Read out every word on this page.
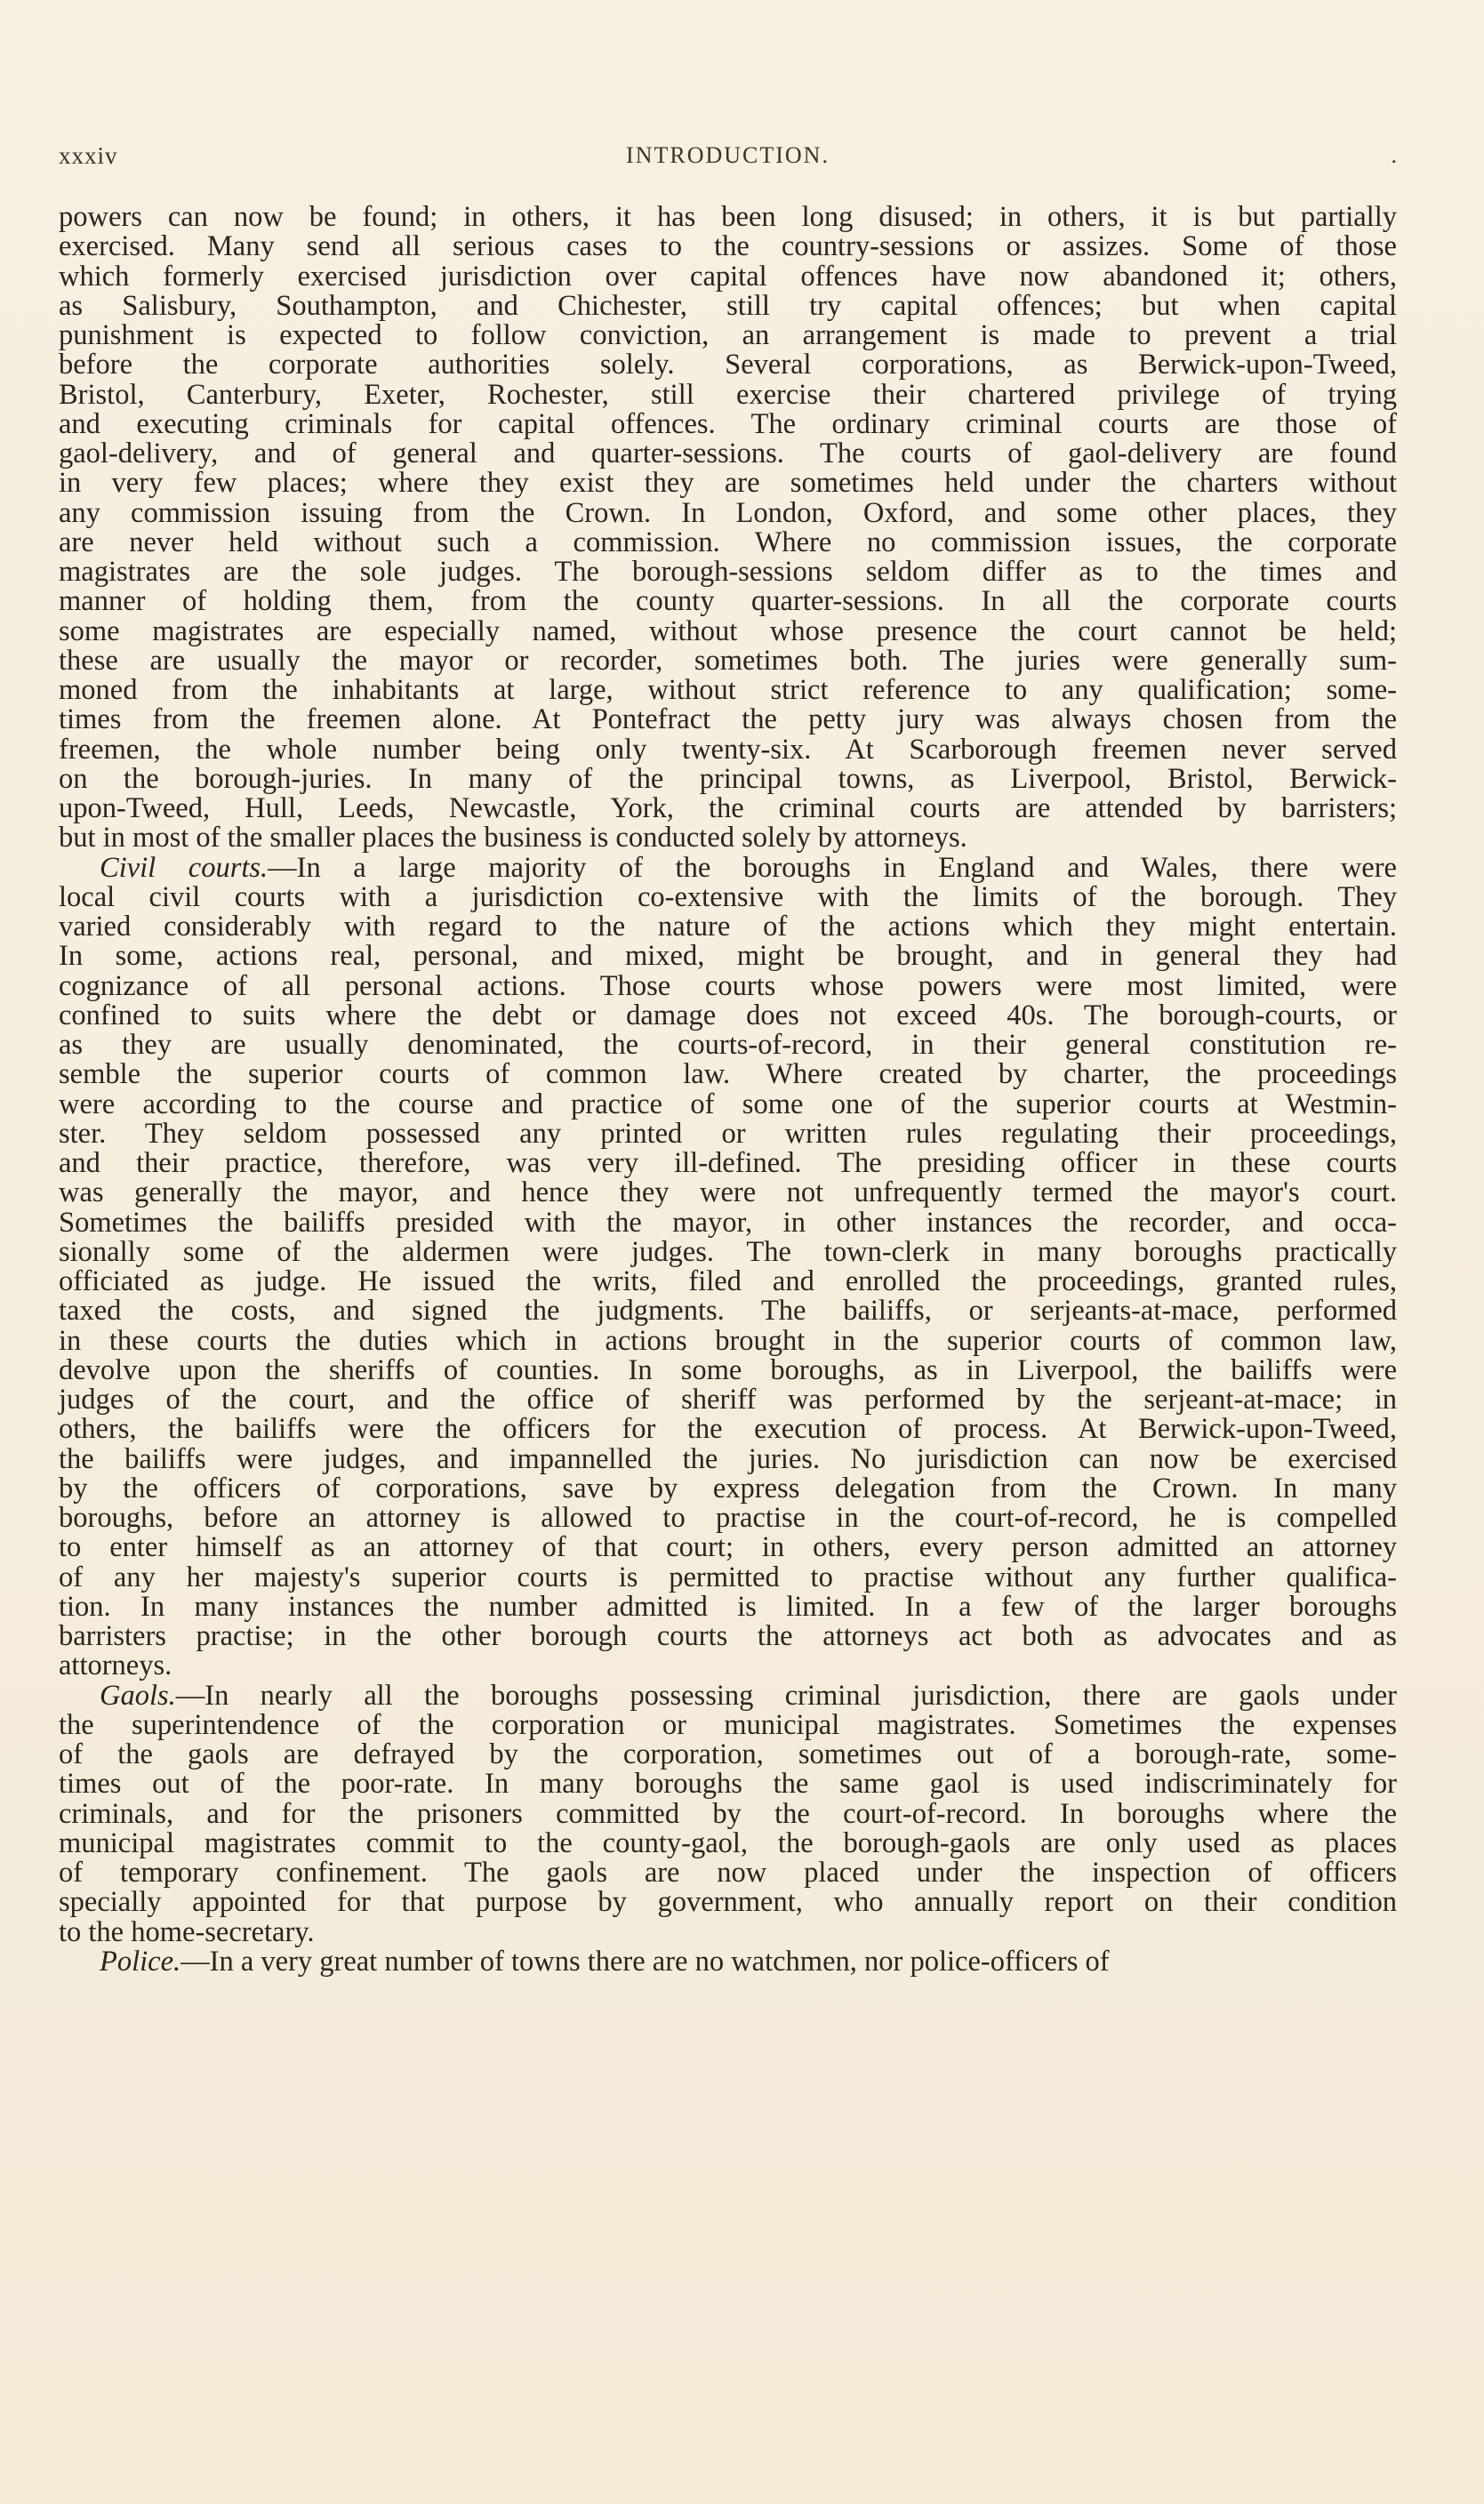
xxxiv	INTRODUCTION.	.
powers can now be found; in others, it has been long disused; in others, it is but partially
exercised. Many send all serious cases to the country-sessions or assizes. Some of those
which formerly exercised jurisdiction over capital offences have now abandoned it; others,
as Salisbury, Southampton, and Chichester, still try capital offences; but when capital
punishment is expected to follow conviction, an arrangement is made to prevent a trial
before the corporate authorities solely. Several corporations, as Berwick-upon-Tweed,
Bristol, Canterbury, Exeter, Rochester, still exercise their chartered privilege of trying
and executing criminals for capital offences. The ordinary criminal courts are those of
gaol-delivery, and of general and quarter-sessions. The courts of gaol-delivery are found
in very few places; where they exist they are sometimes held under the charters without
any commission issuing from the Crown. In London, Oxford, and some other places, they
are never held without such a commission. Where no commission issues, the corporate
magistrates are the sole judges. The borough-sessions seldom differ as to the times and
manner of holding them, from the county quarter-sessions. In all the corporate courts
some magistrates are especially named, without whose presence the court cannot be held;
these are usually the mayor or recorder, sometimes both. The juries were generally sum-
moned from the inhabitants at large, without strict reference to any qualification; some-
times from the freemen alone. At Pontefract the petty jury was always chosen from the
freemen, the whole number being only twenty-six. At Scarborough freemen never served
on the borough-juries. In many of the principal towns, as Liverpool, Bristol, Berwick-
upon-Tweed, Hull, Leeds, Newcastle, York, the criminal courts are attended by barristers;
but in most of the smaller places the business is conducted solely by attorneys.
Civil courts.—In a large majority of the boroughs in England and Wales, there were
local civil courts with a jurisdiction co-extensive with the limits of the borough. They
varied considerably with regard to the nature of the actions which they might entertain.
In some, actions real, personal, and mixed, might be brought, and in general they had
cognizance of all personal actions. Those courts whose powers were most limited, were
confined to suits where the debt or damage does not exceed 40s. The borough-courts, or
as they are usually denominated, the courts-of-record, in their general constitution re-
semble the superior courts of common law. Where created by charter, the proceedings
were according to the course and practice of some one of the superior courts at Westmin-
ster. They seldom possessed any printed or written rules regulating their proceedings,
and their practice, therefore, was very ill-defined. The presiding officer in these courts
was generally the mayor, and hence they were not unfrequently termed the mayor's court.
Sometimes the bailiffs presided with the mayor, in other instances the recorder, and occa-
sionally some of the aldermen were judges. The town-clerk in many boroughs practically
officiated as judge. He issued the writs, filed and enrolled the proceedings, granted rules,
taxed the costs, and signed the judgments. The bailiffs, or serjeants-at-mace, performed
in these courts the duties which in actions brought in the superior courts of common law,
devolve upon the sheriffs of counties. In some boroughs, as in Liverpool, the bailiffs were
judges of the court, and the office of sheriff was performed by the serjeant-at-mace; in
others, the bailiffs were the officers for the execution of process. At Berwick-upon-Tweed,
the bailiffs were judges, and impannelled the juries. No jurisdiction can now be exercised
by the officers of corporations, save by express delegation from the Crown. In many
boroughs, before an attorney is allowed to practise in the court-of-record, he is compelled
to enter himself as an attorney of that court; in others, every person admitted an attorney
of any her majesty's superior courts is permitted to practise without any further qualifica-
tion. In many instances the number admitted is limited. In a few of the larger boroughs
barristers practise; in the other borough courts the attorneys act both as advocates and as
attorneys.
Gaols.—In nearly all the boroughs possessing criminal jurisdiction, there are gaols under
the superintendence of the corporation or municipal magistrates. Sometimes the expenses
of the gaols are defrayed by the corporation, sometimes out of a borough-rate, some-
times out of the poor-rate. In many boroughs the same gaol is used indiscriminately for
criminals, and for the prisoners committed by the court-of-record. In boroughs where the
municipal magistrates commit to the county-gaol, the borough-gaols are only used as places
of temporary confinement. The gaols are now placed under the inspection of officers
specially appointed for that purpose by government, who annually report on their condition
to the home-secretary.
Police.—In a very great number of towns there are no watchmen, nor police-officers of
